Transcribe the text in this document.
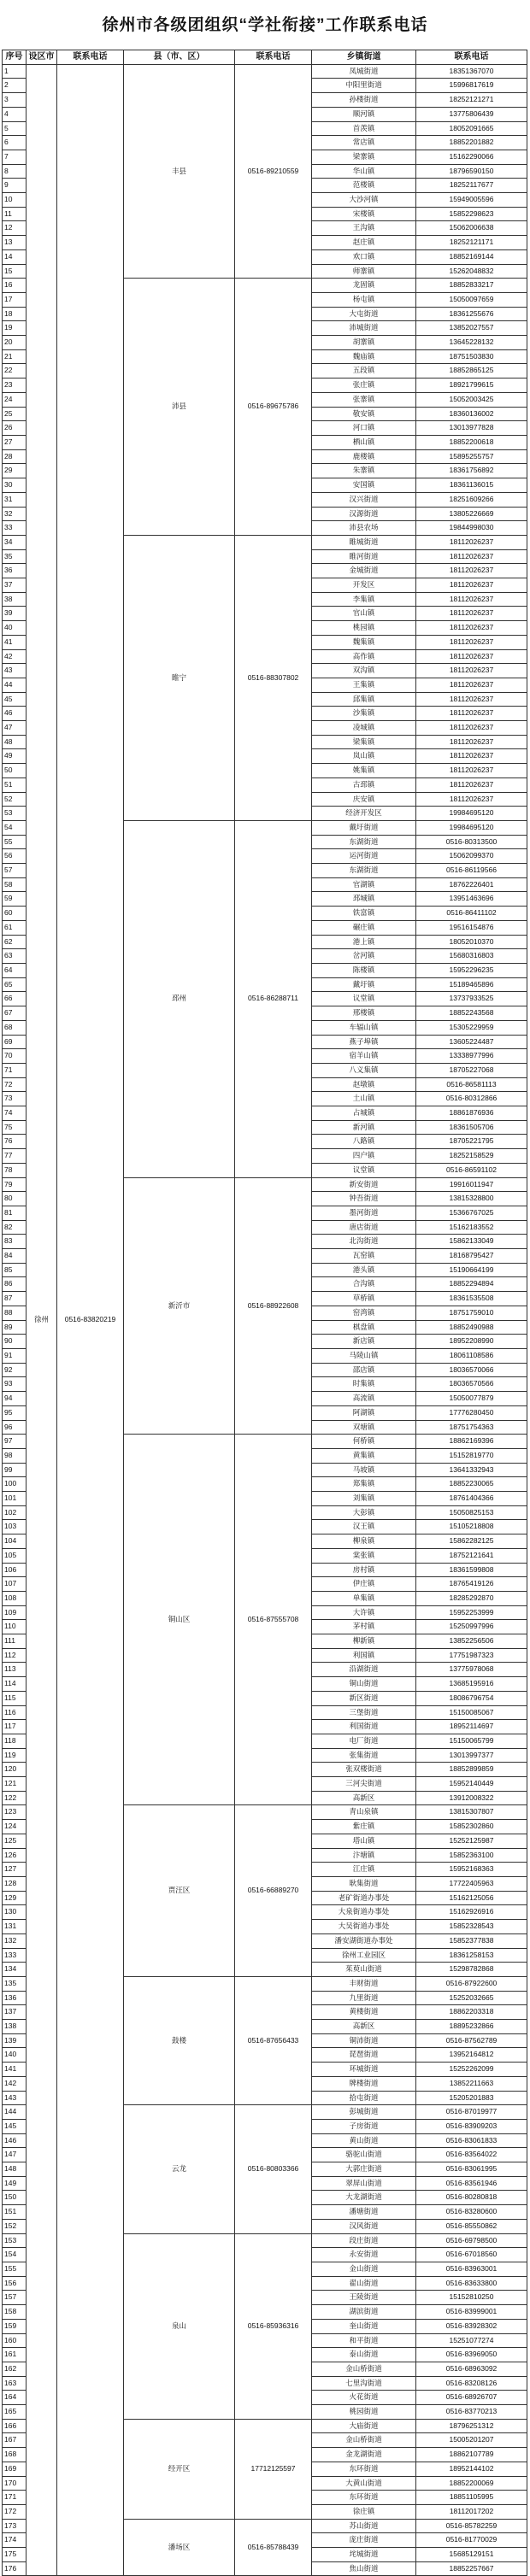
徐州市各级团组织“学社衔接”工作联系电话
序号	设区市	联系电话	县（市、区）	联系电话	乡镇街道	联系电话
1	徐州	0516-83820219	丰县	0516-89210559	凤城街道	18351367070
2					中阳里街道	15996817619
3					孙楼街道	18252121271
4					顺河镇	13775806439
5					首羡镇	18052091665
6					常店镇	18852201882
7					梁寨镇	15162290066
8					华山镇	18796590150
9					范楼镇	18252117677
10					大沙河镇	15949005596
11					宋楼镇	15852298623
12					王沟镇	15062006638
13					赵庄镇	18252121171
14					欢口镇	18852169144
15					师寨镇	15262048832
16			沛县	0516-89675786	龙固镇	18852833217
17					杨屯镇	15050097659
18					大屯街道	18361255676
19					沛城街道	13852027557
20					胡寨镇	13645228132
21					魏庙镇	18751503830
22					五段镇	18852865125
23					张庄镇	18921799615
24					张寨镇	15052003425
25					敬安镇	18360136002
26					河口镇	13013977828
27					栖山镇	18852200618
28					鹿楼镇	15895255757
29					朱寨镇	18361756892
30					安国镇	18361136015
31					汉兴街道	18251609266
32					汉源街道	13805226669
33					沛县农场	19844998030
34			睢宁	0516-88307802	睢城街道	18112026237
35					睢河街道	18112026237
36					金城街道	18112026237
37					开发区	18112026237
38					李集镇	18112026237
39					官山镇	18112026237
40					桃园镇	18112026237
41					魏集镇	18112026237
42					高作镇	18112026237
43					双沟镇	18112026237
44					王集镇	18112026237
45					邱集镇	18112026237
46					沙集镇	18112026237
47					凌城镇	18112026237
48					梁集镇	18112026237
49					岚山镇	18112026237
50					姚集镇	18112026237
51					古邳镇	18112026237
52					庆安镇	18112026237
53					经济开发区	19984695120
54			邳州	0516-86288711	戴圩街道	19984695120
55					东湖街道	0516-80313500
56					运河街道	15062099370
57					东湖街道	0516-86119566
58					官湖镇	18762226401
59					邳城镇	13951463696
60					铁富镇	0516-86411102
61					碾庄镇	19516154876
62					港上镇	18052010370
63					岔河镇	15680316803
64					陈楼镇	15952296235
65					戴圩镇	15189465896
66					议堂镇	13737933525
67					邢楼镇	18852243568
68					车辐山镇	15305229959
69					燕子埠镇	13605224487
70					宿羊山镇	13338977996
71					八义集镇	18705227068
72					赵墩镇	0516-86581113
73					土山镇	0516-80312866
74					占城镇	18861876936
75					新河镇	18361505706
76					八路镇	18705221795
77					四户镇	18252158529
78					议堂镇	0516-86591102
79			新沂市	0516-88922608	新安街道	19916011947
80					钟吾街道	13815328800
81					墨河街道	15366767025
82					唐店街道	15162183552
83					北沟街道	15862133049
84					瓦窑镇	18168795427
85					港头镇	15190664199
86					合沟镇	18852294894
87					草桥镇	18361535508
88					窑湾镇	18751759010
89					棋盘镇	18852490988
90					新店镇	18952208990
91					马陵山镇	18061108586
92					邵店镇	18036570066
93					时集镇	18036570566
94					高流镇	15050077879
95					阿湖镇	17776280450
96					双塘镇	18751754363
97			铜山区	0516-87555708	何桥镇	18862169396
98					黄集镇	15152819770
99					马坡镇	13641332943
100					郑集镇	18852230065
101					刘集镇	18761404366
102					大彭镇	15050825153
103					汉王镇	15105218808
104					柳泉镇	15862282125
105					棠张镇	18752121641
106					房村镇	18361599808
107					伊庄镇	18765419126
108					单集镇	18285292870
109					大许镇	15952253999
110					茅村镇	15250997996
111					柳新镇	13852256506
112					利国镇	17751987323
113					沿湖街道	13775978068
114					铜山街道	13685195916
115					新区街道	18086796754
116					三堡街道	15150085067
117					利国街道	18952114697
118					电厂街道	15150065799
119					张集街道	13013997377
120					张双楼街道	18852899859
121					三河尖街道	15952140449
122					高新区	13912008322
123			贾汪区	0516-66889270	青山泉镇	13815307807
124					紫庄镇	15852302860
125					塔山镇	15252125987
126					汴塘镇	15852363100
127					江庄镇	15952168363
128					耿集街道	17722405963
129					老矿街道办事处	15162125056
130					大泉街道办事处	15162926916
131					大吴街道办事处	15852328543
132					潘安湖街道办事处	15852377838
133					徐州工业园区	18361258153
134					茱萸山街道	15298782868
135			鼓楼	0516-87656433	丰财街道	0516-87922600
136					九里街道	15252032665
137					黄楼街道	18862203318
138					高新区	18895232866
139					铜沛街道	0516-87562789
140					琵琶街道	13952164812
141					环城街道	15252262099
142					牌楼街道	13852211663
143					拾屯街道	15205201883
144			云龙	0516-80803366	彭城街道	0516-87019977
145					子房街道	0516-83909203
146					黄山街道	0516-83061833
147					骆驼山街道	0516-83564022
148					大郭庄街道	0516-83061995
149					翠屏山街道	0516-83561946
150					大龙湖街道	0516-80280818
151					潘塘街道	0516-83280600
152					汉风街道	0516-85550862
153			泉山	0516-85936316	段庄街道	0516-69798500
154					永安街道	0516-67018560
155					金山街道	0516-83963001
156					翟山街道	0516-83633800
157					王陵街道	15152810250
158					湖滨街道	0516-83999001
159					奎山街道	0516-83928302
160					和平街道	15251077274
161					泰山街道	0516-83969050
162					金山桥街道	0516-68963092
163					七里沟街道	0516-83208126
164					火花街道	0516-68926707
165					桃园街道	0516-83770213
166			经开区	17712125597	大庙街道	18796251312
167					金山桥街道	15005201207
168					金龙湖街道	18862107789
169					东环街道	18952144102
170					大黄山街道	18852200069
171					东环街道	18851105995
172					徐庄镇	18112017202
173			潘场区	0516-85788439	苏山街道	0516-85782259
174					庞庄街道	0516-81770029
175					垞城街道	15685129151
176					焦山街道	18852257667
